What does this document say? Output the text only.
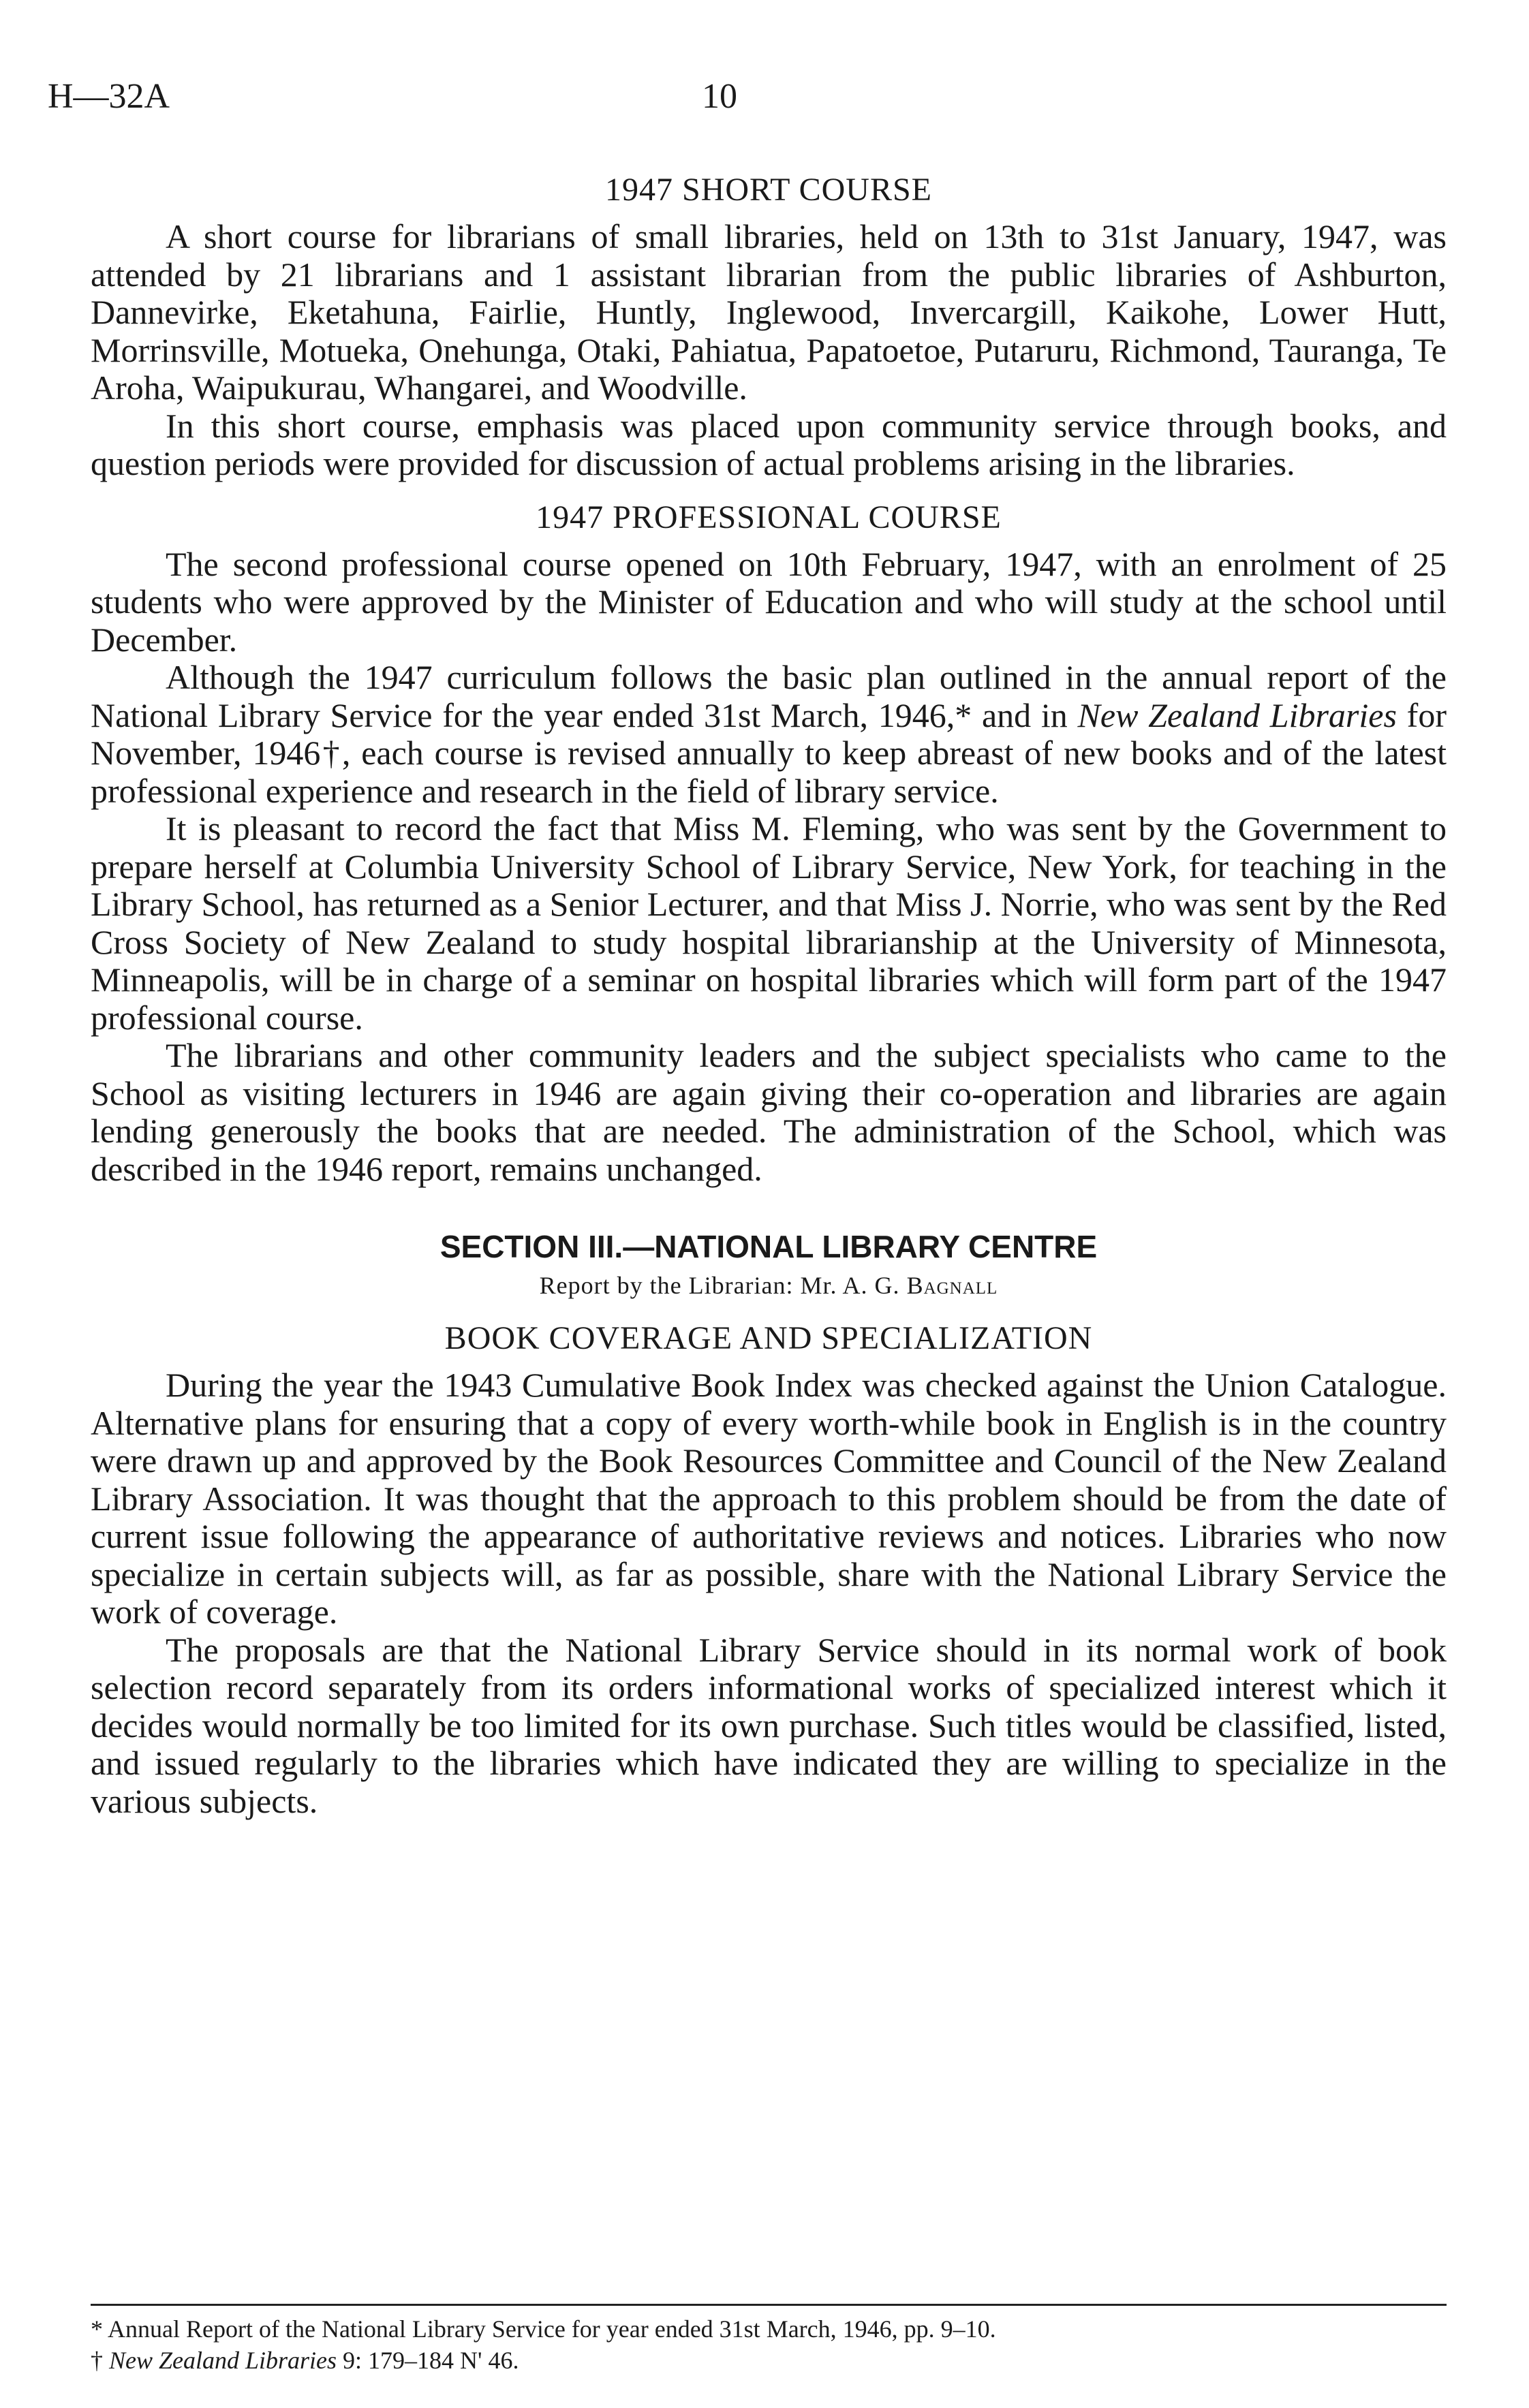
H—32A	10
1947 SHORT COURSE

A short course for librarians of small libraries, held on 13th to 31st January, 1947, was attended by 21 librarians and 1 assistant librarian from the public libraries of Ashburton, Dannevirke, Eketahuna, Fairlie, Huntly, Inglewood, Invercargill, Kaikohe, Lower Hutt, Morrinsville, Motueka, Onehunga, Otaki, Pahiatua, Papatoetoe, Putaruru, Richmond, Tauranga, Te Aroha, Waipukurau, Whangarei, and Woodville.

In this short course, emphasis was placed upon community service through books, and question periods were provided for discussion of actual problems arising in the libraries.

1947 PROFESSIONAL COURSE

The second professional course opened on 10th February, 1947, with an enrolment of 25 students who were approved by the Minister of Education and who will study at the school until December.

Although the 1947 curriculum follows the basic plan outlined in the annual report of the National Library Service for the year ended 31st March, 1946,* and in New Zealand Libraries for November, 1946†, each course is revised annually to keep abreast of new books and of the latest professional experience and research in the field of library service.

It is pleasant to record the fact that Miss M. Fleming, who was sent by the Government to prepare herself at Columbia University School of Library Service, New York, for teaching in the Library School, has returned as a Senior Lecturer, and that Miss J. Norrie, who was sent by the Red Cross Society of New Zealand to study hospital librarianship at the University of Minnesota, Minneapolis, will be in charge of a seminar on hospital libraries which will form part of the 1947 professional course.

The librarians and other community leaders and the subject specialists who came to the School as visiting lecturers in 1946 are again giving their co-operation and libraries are again lending generously the books that are needed. The administration of the School, which was described in the 1946 report, remains unchanged.

SECTION III.—NATIONAL LIBRARY CENTRE
Report by the Librarian: Mr. A. G. Bagnall
BOOK COVERAGE AND SPECIALIZATION

During the year the 1943 Cumulative Book Index was checked against the Union Catalogue. Alternative plans for ensuring that a copy of every worth-while book in English is in the country were drawn up and approved by the Book Resources Committee and Council of the New Zealand Library Association. It was thought that the approach to this problem should be from the date of current issue following the appearance of authoritative reviews and notices. Libraries who now specialize in certain subjects will, as far as possible, share with the National Library Service the work of coverage.

The proposals are that the National Library Service should in its normal work of book selection record separately from its orders informational works of specialized interest which it decides would normally be too limited for its own purchase. Such titles would be classified, listed, and issued regularly to the libraries which have indicated they are willing to specialize in the various subjects.

* Annual Report of the National Library Service for year ended 31st March, 1946, pp. 9–10.

† New Zealand Libraries 9: 179–184 N' 46.
